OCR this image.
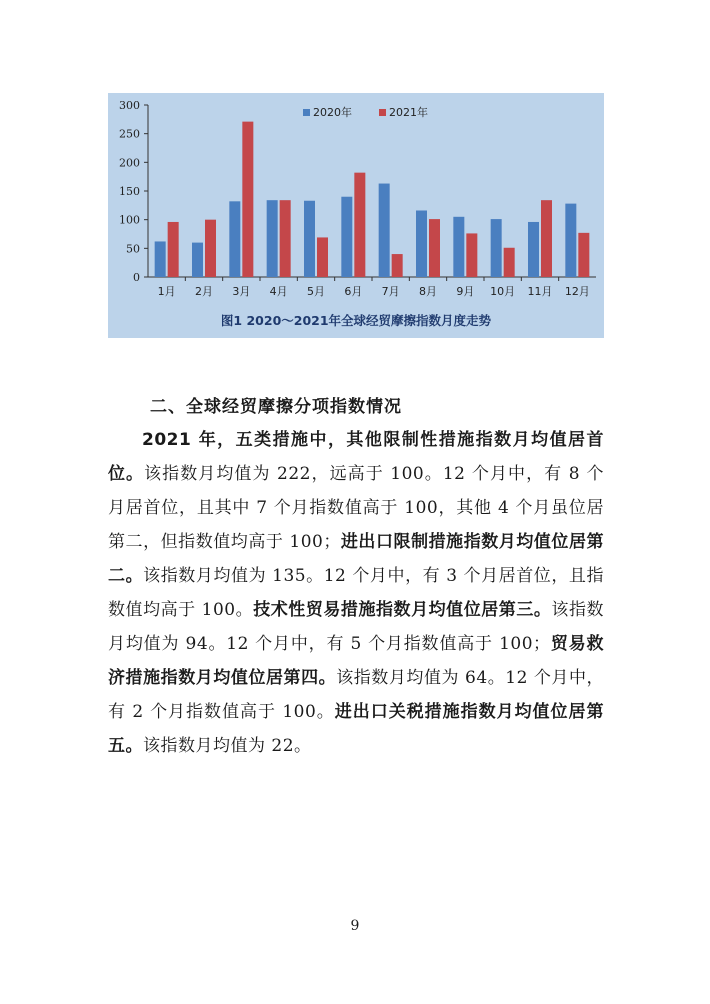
0
50
100
150
200
250
300
1月 2月 3月 4月 5月 6月 7月 8月 9月 10月 11月 12月
2020年	2021年
图1 2020～2021年全球经贸摩擦指数月度走势
二、全球经贸摩擦分项指数情况

2021 年，五类措施中，其他限制性措施指数月均值居首位。该指数月均值为 222，远高于 100。12 个月中，有 8 个月居首位，且其中 7 个月指数值高于 100，其他 4 个月虽位居第二，但指数值均高于 100；进出口限制措施指数月均值位居第二。该指数月均值为 135。12 个月中，有 3 个月居首位，且指数值均高于 100。技术性贸易措施指数月均值位居第三。该指数月均值为 94。12 个月中，有 5 个月指数值高于 100；贸易救济措施指数月均值位居第四。该指数月均值为 64。12 个月中，有 2 个月指数值高于 100。进出口关税措施指数月均值位居第五。该指数月均值为 22。

9
